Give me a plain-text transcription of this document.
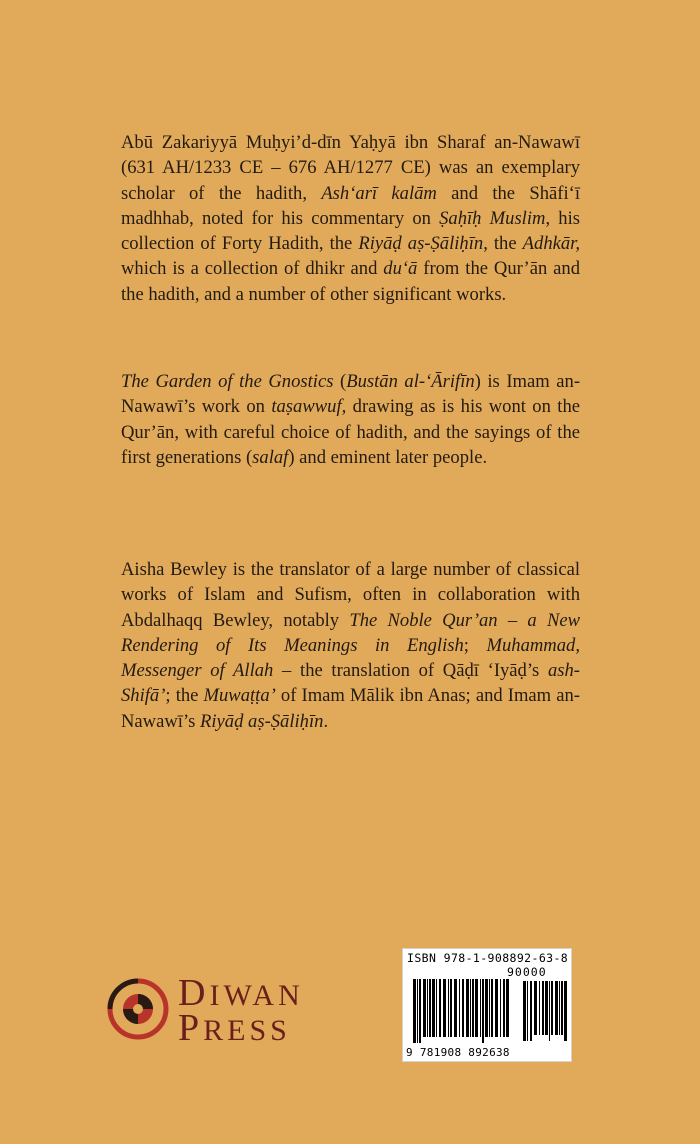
Abū Zakariyyā Muḥyi’d-dīn Yaḥyā ibn Sharaf an-Nawawī (631 AH/1233 CE – 676 AH/1277 CE) was an exemplary scholar of the hadith, Ash‘arī kalām and the Shāfi‘ī madhhab, noted for his commentary on Ṣaḥīḥ Muslim, his collection of Forty Hadith, the Riyāḍ aṣ-Ṣāliḥīn, the Adhkār, which is a collection of dhikr and du‘ā from the Qur’ān and the hadith, and a number of other significant works.

The Garden of the Gnostics (Bustān al-‘Ārifīn) is Imam an-Nawawī’s work on taṣawwuf, drawing as is his wont on the Qur’ān, with careful choice of hadith, and the sayings of the first generations (salaf) and eminent later people.

Aisha Bewley is the translator of a large number of classical works of Islam and Sufism, often in collaboration with Abdalhaqq Bewley, notably The Noble Qur’an – a New Rendering of Its Meanings in English; Muhammad, Messenger of Allah – the translation of Qāḍī ‘Iyāḍ’s ash-Shifā’; the Muwaṭṭa’ of Imam Mālik ibn Anas; and Imam an-Nawawī’s Riyāḍ aṣ-Ṣāliḥīn.

DIWAN
PRESS
ISBN 978-1-908892-63-8
90000
9 781908 892638
